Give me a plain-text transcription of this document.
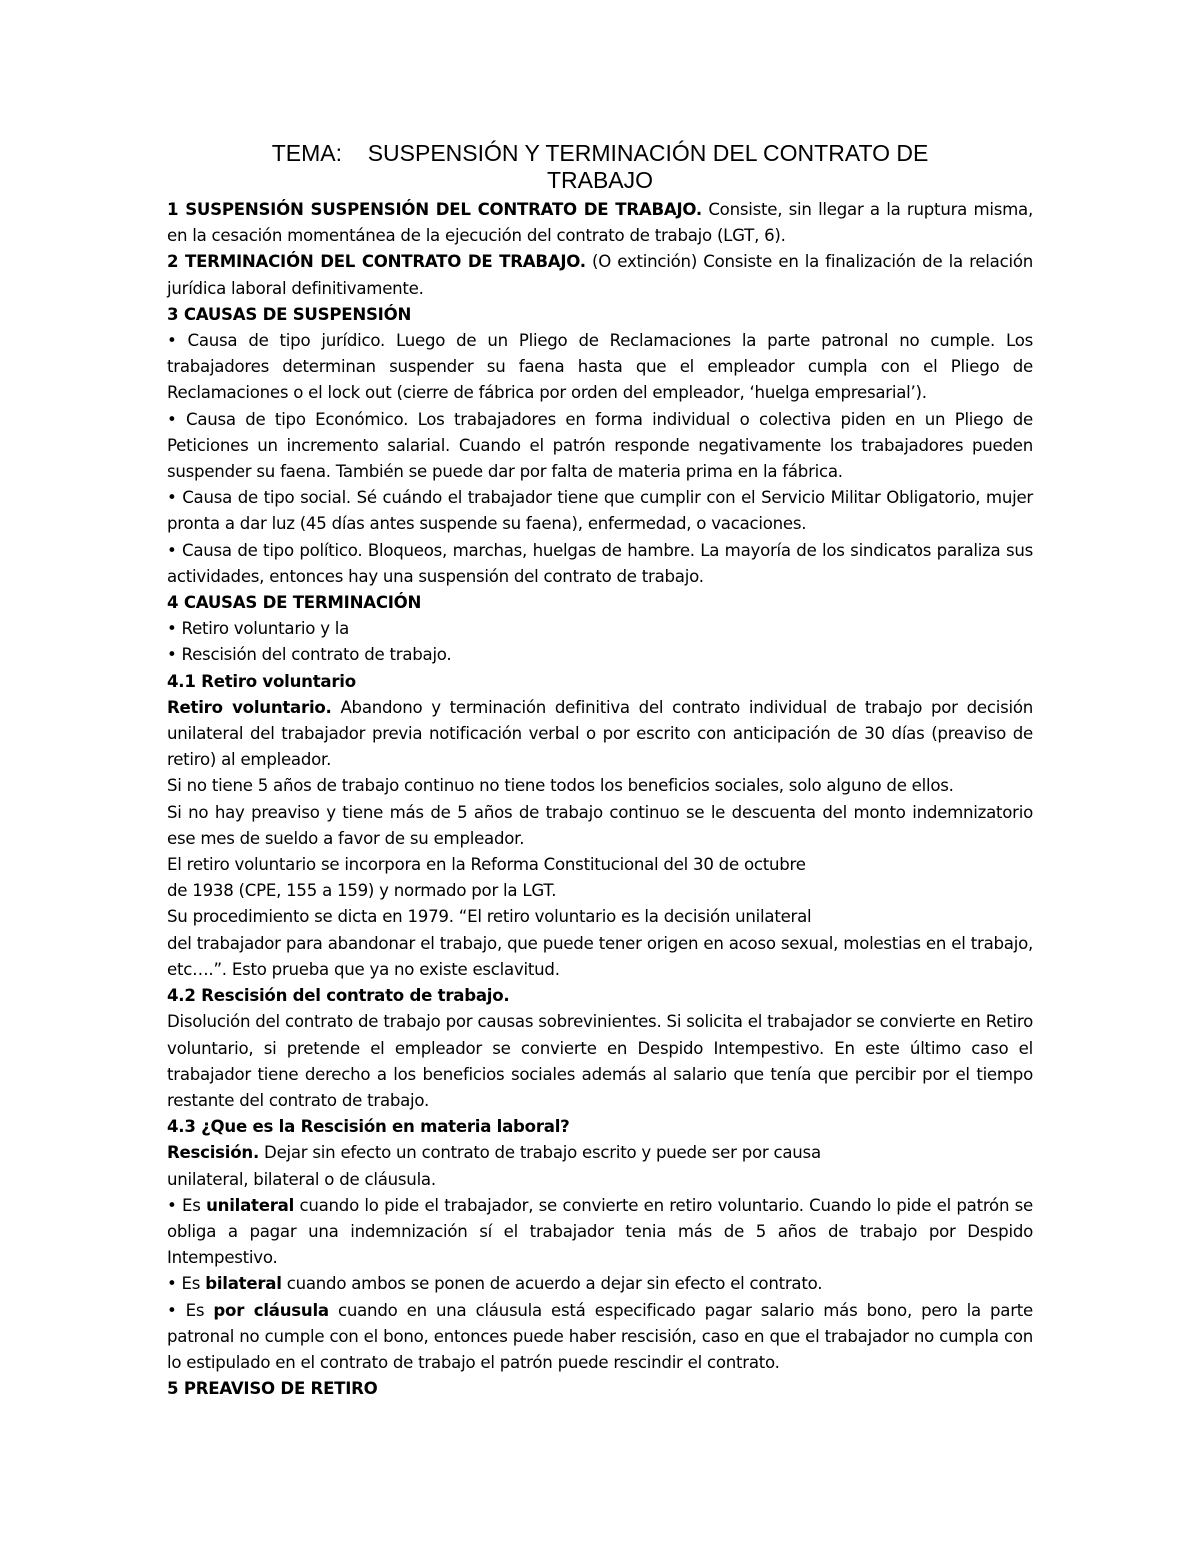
TEMA: SUSPENSIÓN Y TERMINACIÓN DEL CONTRATO DE
TRABAJO

1 SUSPENSIÓN SUSPENSIÓN DEL CONTRATO DE TRABAJO. Consiste, sin llegar a la ruptura misma, en la cesación momentánea de la ejecución del contrato de trabajo (LGT, 6).

2 TERMINACIÓN DEL CONTRATO DE TRABAJO. (O extinción) Consiste en la finalización de la relación jurídica laboral definitivamente.

3 CAUSAS DE SUSPENSIÓN

• Causa de tipo jurídico. Luego de un Pliego de Reclamaciones la parte patronal no cumple. Los trabajadores determinan suspender su faena hasta que el empleador cumpla con el Pliego de Reclamaciones o el lock out (cierre de fábrica por orden del empleador, ‘huelga empresarial’).

• Causa de tipo Económico. Los trabajadores en forma individual o colectiva piden en un Pliego de Peticiones un incremento salarial. Cuando el patrón responde negativamente los trabajadores pueden suspender su faena. También se puede dar por falta de materia prima en la fábrica.

• Causa de tipo social. Sé cuándo el trabajador tiene que cumplir con el Servicio Militar Obligatorio, mujer pronta a dar luz (45 días antes suspende su faena), enfermedad, o vacaciones.

• Causa de tipo político. Bloqueos, marchas, huelgas de hambre. La mayoría de los sindicatos paraliza sus actividades, entonces hay una suspensión del contrato de trabajo.

4 CAUSAS DE TERMINACIÓN

• Retiro voluntario y la

• Rescisión del contrato de trabajo.

4.1 Retiro voluntario

Retiro voluntario. Abandono y terminación definitiva del contrato individual de trabajo por decisión unilateral del trabajador previa notificación verbal o por escrito con anticipación de 30 días (preaviso de retiro) al empleador.

Si no tiene 5 años de trabajo continuo no tiene todos los beneficios sociales, solo alguno de ellos.

Si no hay preaviso y tiene más de 5 años de trabajo continuo se le descuenta del monto indemnizatorio ese mes de sueldo a favor de su empleador.

El retiro voluntario se incorpora en la Reforma Constitucional del 30 de octubre

de 1938 (CPE, 155 a 159) y normado por la LGT.

Su procedimiento se dicta en 1979. “El retiro voluntario es la decisión unilateral

del trabajador para abandonar el trabajo, que puede tener origen en acoso sexual, molestias en el trabajo, etc….”. Esto prueba que ya no existe esclavitud.

4.2 Rescisión del contrato de trabajo.

Disolución del contrato de trabajo por causas sobrevinientes. Si solicita el trabajador se convierte en Retiro voluntario, si pretende el empleador se convierte en Despido Intempestivo. En este último caso el trabajador tiene derecho a los beneficios sociales además al salario que tenía que percibir por el tiempo restante del contrato de trabajo.

4.3 ¿Que es la Rescisión en materia laboral?

Rescisión. Dejar sin efecto un contrato de trabajo escrito y puede ser por causa

unilateral, bilateral o de cláusula.

• Es unilateral cuando lo pide el trabajador, se convierte en retiro voluntario. Cuando lo pide el patrón se obliga a pagar una indemnización sí el trabajador tenia más de 5 años de trabajo por Despido Intempestivo.

• Es bilateral cuando ambos se ponen de acuerdo a dejar sin efecto el contrato.

• Es por cláusula cuando en una cláusula está especificado pagar salario más bono, pero la parte patronal no cumple con el bono, entonces puede haber rescisión, caso en que el trabajador no cumpla con lo estipulado en el contrato de trabajo el patrón puede rescindir el contrato.

5 PREAVISO DE RETIRO
